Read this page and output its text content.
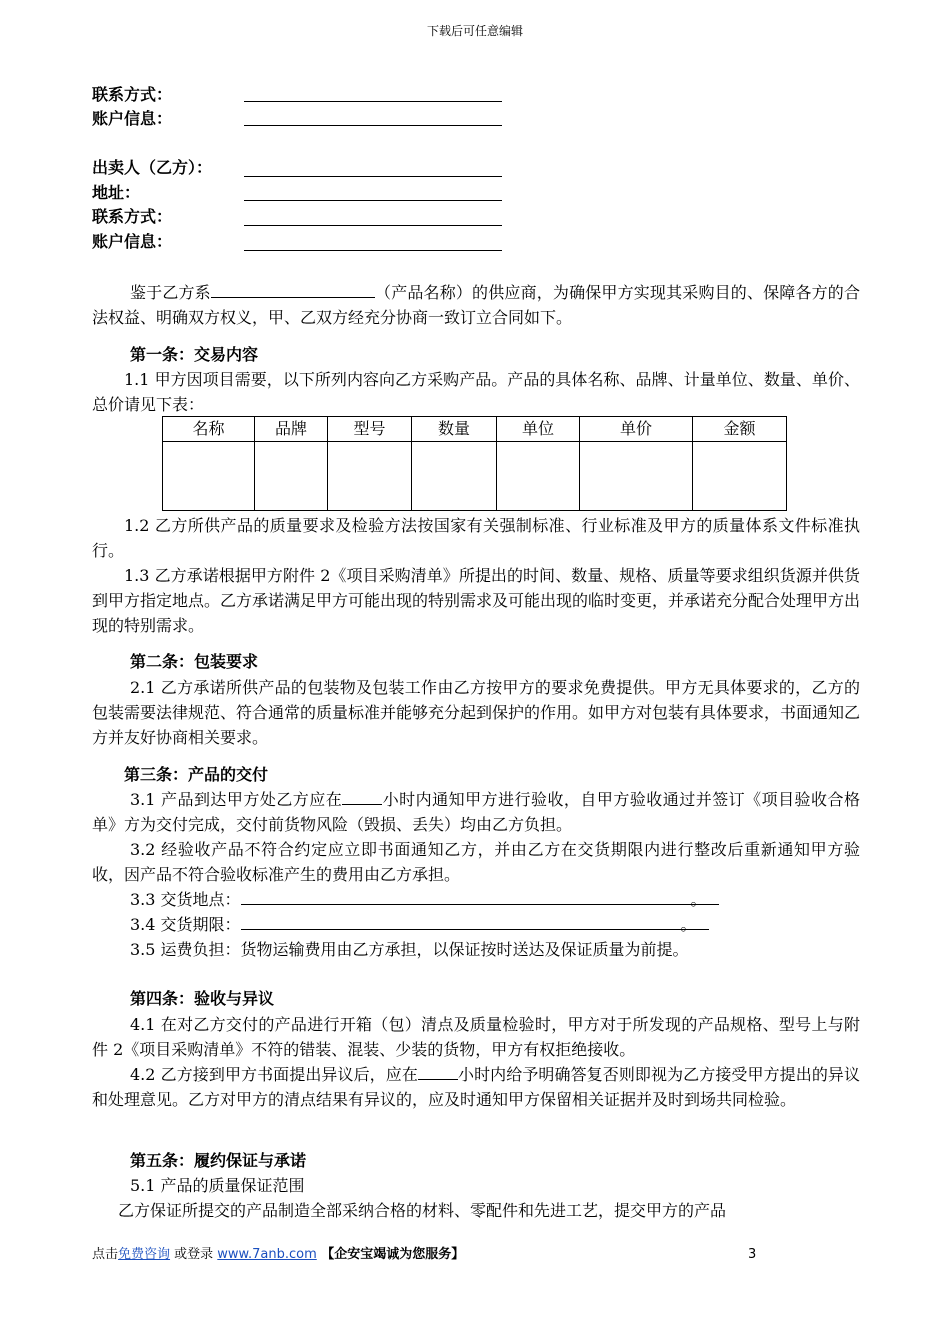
下载后可任意编辑
联系方式：
账户信息：
出卖人（乙方）：
地址：
联系方式：
账户信息：
鉴于乙方系	（产品名称）的供应商，为确保甲方实现其采购目的、保障各方的合法权益、明确双方权义，甲、乙双方经充分协商一致订立合同如下。
第一条：交易内容
1.1 甲方因项目需要，以下所列内容向乙方采购产品。产品的具体名称、品牌、计量单位、数量、单价、总价请见下表：
名称	品牌	型号	数量	单位	单价	金额

1.2 乙方所供产品的质量要求及检验方法按国家有关强制标准、行业标准及甲方的质量体系文件标准执行。
1.3 乙方承诺根据甲方附件 2《项目采购清单》所提出的时间、数量、规格、质量等要求组织货源并供货到甲方指定地点。乙方承诺满足甲方可能出现的特别需求及可能出现的临时变更，并承诺充分配合处理甲方出现的特别需求。
第二条：包装要求
2.1 乙方承诺所供产品的包装物及包装工作由乙方按甲方的要求免费提供。甲方无具体要求的，乙方的包装需要法律规范、符合通常的质量标准并能够充分起到保护的作用。如甲方对包装有具体要求，书面通知乙方并友好协商相关要求。
第三条：产品的交付
3.1 产品到达甲方处乙方应在	小时内通知甲方进行验收，自甲方验收通过并签订《项目验收合格单》方为交付完成，交付前货物风险（毁损、丢失）均由乙方负担。
3.2 经验收产品不符合约定应立即书面通知乙方，并由乙方在交货期限内进行整改后重新通知甲方验收，因产品不符合验收标准产生的费用由乙方承担。
3.3 交货地点：	。
3.4 交货期限：	。
3.5 运费负担：货物运输费用由乙方承担，以保证按时送达及保证质量为前提。
第四条：验收与异议
4.1 在对乙方交付的产品进行开箱（包）清点及质量检验时，甲方对于所发现的产品规格、型号上与附件 2《项目采购清单》不符的错装、混装、少装的货物，甲方有权拒绝接收。
4.2 乙方接到甲方书面提出异议后，应在	小时内给予明确答复否则即视为乙方接受甲方提出的异议和处理意见。乙方对甲方的清点结果有异议的，应及时通知甲方保留相关证据并及时到场共同检验。
第五条：履约保证与承诺
5.1 产品的质量保证范围
乙方保证所提交的产品制造全部采纳合格的材料、零配件和先进工艺，提交甲方的产品
点击免费咨询 或登录 www.7anb.com 【企安宝竭诚为您服务】	3
